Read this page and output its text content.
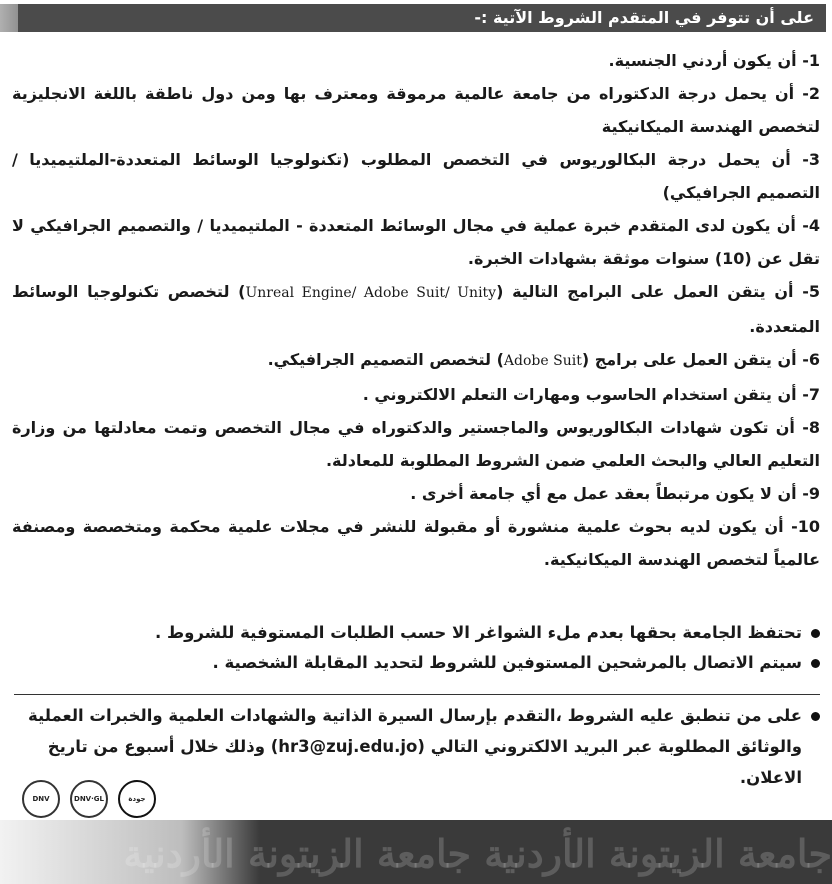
على أن تتوفر في المتقدم الشروط الآتية :-

1- أن يكون أردني الجنسية.

2- أن يحمل درجة الدكتوراه من جامعة عالمية مرموقة ومعترف بها ومن دول ناطقة باللغة الانجليزية لتخصص الهندسة الميكانيكية

3- أن يحمل درجة البكالوريوس في التخصص المطلوب (تكنولوجيا الوسائط المتعددة-الملتيميديا / التصميم الجرافيكي)

4- أن يكون لدى المتقدم خبرة عملية في مجال الوسائط المتعددة - الملتيميديا / والتصميم الجرافيكي لا تقل عن (10) سنوات موثقة بشهادات الخبرة.

5- أن يتقن العمل على البرامج التالية (Unreal Engine/ Adobe Suit/ Unity) لتخصص تكنولوجيا الوسائط المتعددة.

6- أن يتقن العمل على برامج (Adobe Suit) لتخصص التصميم الجرافيكي.

7- أن يتقن استخدام الحاسوب ومهارات التعلم الالكتروني .

8- أن تكون شهادات البكالوريوس والماجستير والدكتوراه في مجال التخصص وتمت معادلتها من وزارة التعليم العالي والبحث العلمي ضمن الشروط المطلوبة للمعادلة.

9- أن لا يكون مرتبطاً بعقد عمل مع أي جامعة أخرى .

10- أن يكون لديه بحوث علمية منشورة أو مقبولة للنشر في مجلات علمية محكمة ومتخصصة ومصنفة عالمياً لتخصص الهندسة الميكانيكية.

تحتفظ الجامعة بحقها بعدم ملء الشواغر الا حسب الطلبات المستوفية للشروط .

سيتم الاتصال بالمرشحين المستوفين للشروط لتحديد المقابلة الشخصية .

على من تنطبق عليه الشروط ،التقدم بإرسال السيرة الذاتية والشهادات العلمية والخبرات العملية والوثائق المطلوبة عبر البريد الالكتروني التالي (hr3@zuj.edu.jo) وذلك خلال أسبوع من تاريخ الاعلان.
DNV	DNV·GL	جودة
جامعة الزيتونة الأردنية جامعة الزيتونة الأردنية
